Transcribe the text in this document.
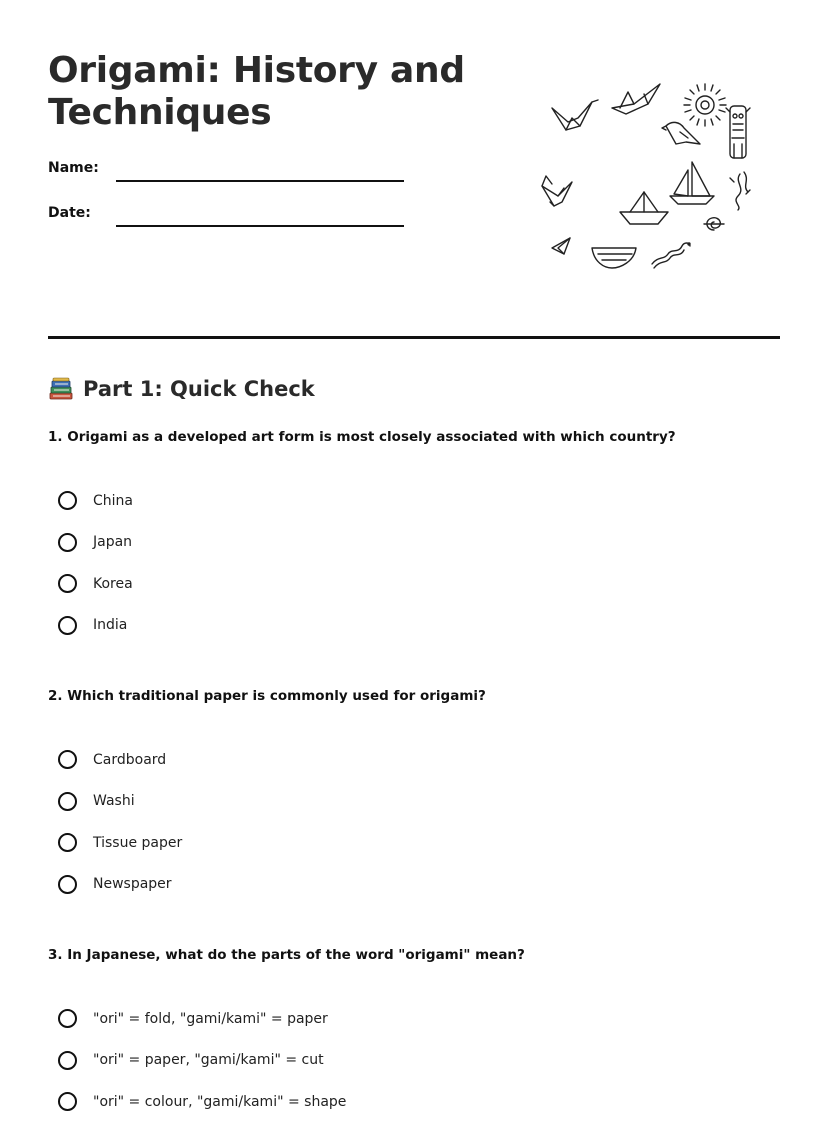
Origami: History and Techniques
Name:
Date:
Part 1: Quick Check

1. Origami as a developed art form is most closely associated with which country?

China
Japan
Korea
India

2. Which traditional paper is commonly used for origami?

Cardboard
Washi
Tissue paper
Newspaper

3. In Japanese, what do the parts of the word "origami" mean?

"ori" = fold, "gami/kami" = paper
"ori" = paper, "gami/kami" = cut
"ori" = colour, "gami/kami" = shape
